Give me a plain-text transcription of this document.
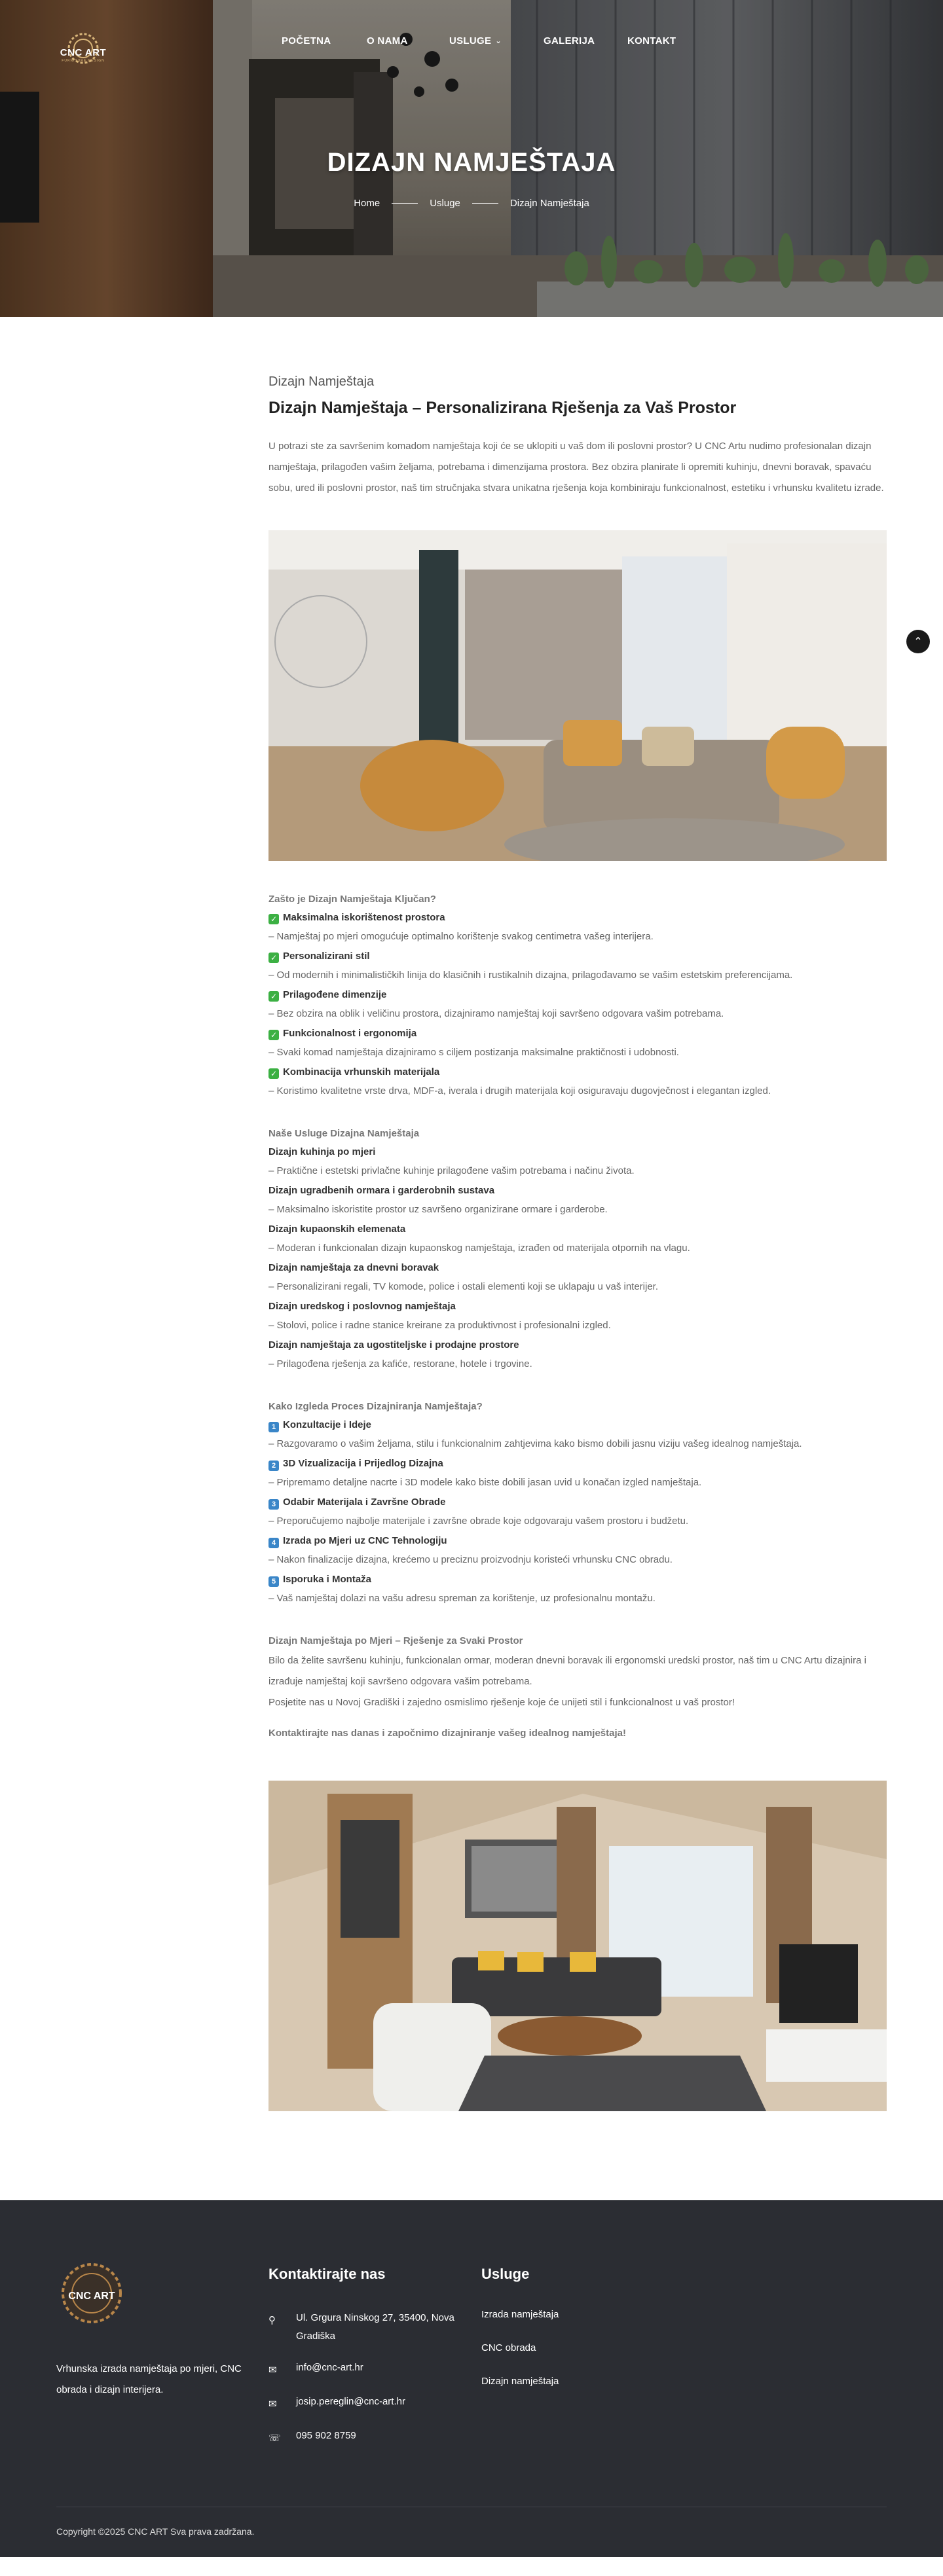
CNC ART
FURNITURE DESIGN
POČETNA	O NAMA	USLUGE ⌄	GALERIJA	KONTAKT
DIZAJN NAMJEŠTAJA
Home	Usluge	Dizajn Namještaja
⌃
Dizajn Namještaja
Dizajn Namještaja – Personalizirana Rješenja za Vaš Prostor

U potrazi ste za savršenim komadom namještaja koji će se uklopiti u vaš dom ili poslovni prostor? U CNC Artu nudimo profesionalan dizajn namještaja, prilagođen vašim željama, potrebama i dimenzijama prostora. Bez obzira planirate li opremiti kuhinju, dnevni boravak, spavaću sobu, ured ili poslovni prostor, naš tim stručnjaka stvara unikatna rješenja koja kombiniraju funkcionalnost, estetiku i vrhunsku kvalitetu izrade.

Zašto je Dizajn Namještaja Ključan?
✓ Maksimalna iskorištenost prostora
– Namještaj po mjeri omogućuje optimalno korištenje svakog centimetra vašeg interijera.
✓ Personalizirani stil
– Od modernih i minimalističkih linija do klasičnih i rustikalnih dizajna, prilagođavamo se vašim estetskim preferencijama.
✓ Prilagođene dimenzije
– Bez obzira na oblik i veličinu prostora, dizajniramo namještaj koji savršeno odgovara vašim potrebama.
✓ Funkcionalnost i ergonomija
– Svaki komad namještaja dizajniramo s ciljem postizanja maksimalne praktičnosti i udobnosti.
✓ Kombinacija vrhunskih materijala
– Koristimo kvalitetne vrste drva, MDF-a, iverala i drugih materijala koji osiguravaju dugovječnost i elegantan izgled.
Naše Usluge Dizajna Namještaja
Dizajn kuhinja po mjeri
– Praktične i estetski privlačne kuhinje prilagođene vašim potrebama i načinu života.
Dizajn ugradbenih ormara i garderobnih sustava
– Maksimalno iskoristite prostor uz savršeno organizirane ormare i garderobe.
Dizajn kupaonskih elemenata
– Moderan i funkcionalan dizajn kupaonskog namještaja, izrađen od materijala otpornih na vlagu.
Dizajn namještaja za dnevni boravak
– Personalizirani regali, TV komode, police i ostali elementi koji se uklapaju u vaš interijer.
Dizajn uredskog i poslovnog namještaja
– Stolovi, police i radne stanice kreirane za produktivnost i profesionalni izgled.
Dizajn namještaja za ugostiteljske i prodajne prostore
– Prilagođena rješenja za kafiće, restorane, hotele i trgovine.
Kako Izgleda Proces Dizajniranja Namještaja?
1 Konzultacije i Ideje
– Razgovaramo o vašim željama, stilu i funkcionalnim zahtjevima kako bismo dobili jasnu viziju vašeg idealnog namještaja.
2 3D Vizualizacija i Prijedlog Dizajna
– Pripremamo detaljne nacrte i 3D modele kako biste dobili jasan uvid u konačan izgled namještaja.
3 Odabir Materijala i Završne Obrade
– Preporučujemo najbolje materijale i završne obrade koje odgovaraju vašem prostoru i budžetu.
4 Izrada po Mjeri uz CNC Tehnologiju
– Nakon finalizacije dizajna, krećemo u preciznu proizvodnju koristeći vrhunsku CNC obradu.
5 Isporuka i Montaža
– Vaš namještaj dolazi na vašu adresu spreman za korištenje, uz profesionalnu montažu.
Dizajn Namještaja po Mjeri – Rješenje za Svaki Prostor

Bilo da želite savršenu kuhinju, funkcionalan ormar, moderan dnevni boravak ili ergonomski uredski prostor, naš tim u CNC Artu dizajnira i izrađuje namještaj koji savršeno odgovara vašim potrebama.

Posjetite nas u Novoj Gradiški i zajedno osmislimo rješenje koje će unijeti stil i funkcionalnost u vaš prostor!

Kontaktirajte nas danas i započnimo dizajniranje vašeg idealnog namještaja!
CNC ART

Vrhunska izrada namještaja po mjeri, CNC obrada i dizajn interijera.

Kontaktirajte nas
⚲	Ul. Grgura Ninskog 27, 35400, Nova Gradiška
✉	info@cnc-art.hr
✉	josip.pereglin@cnc-art.hr
☏ 095 902 8759
Usluge
Izrada namještaja
CNC obrada
Dizajn namještaja
Copyright ©2025 CNC ART Sva prava zadržana.
